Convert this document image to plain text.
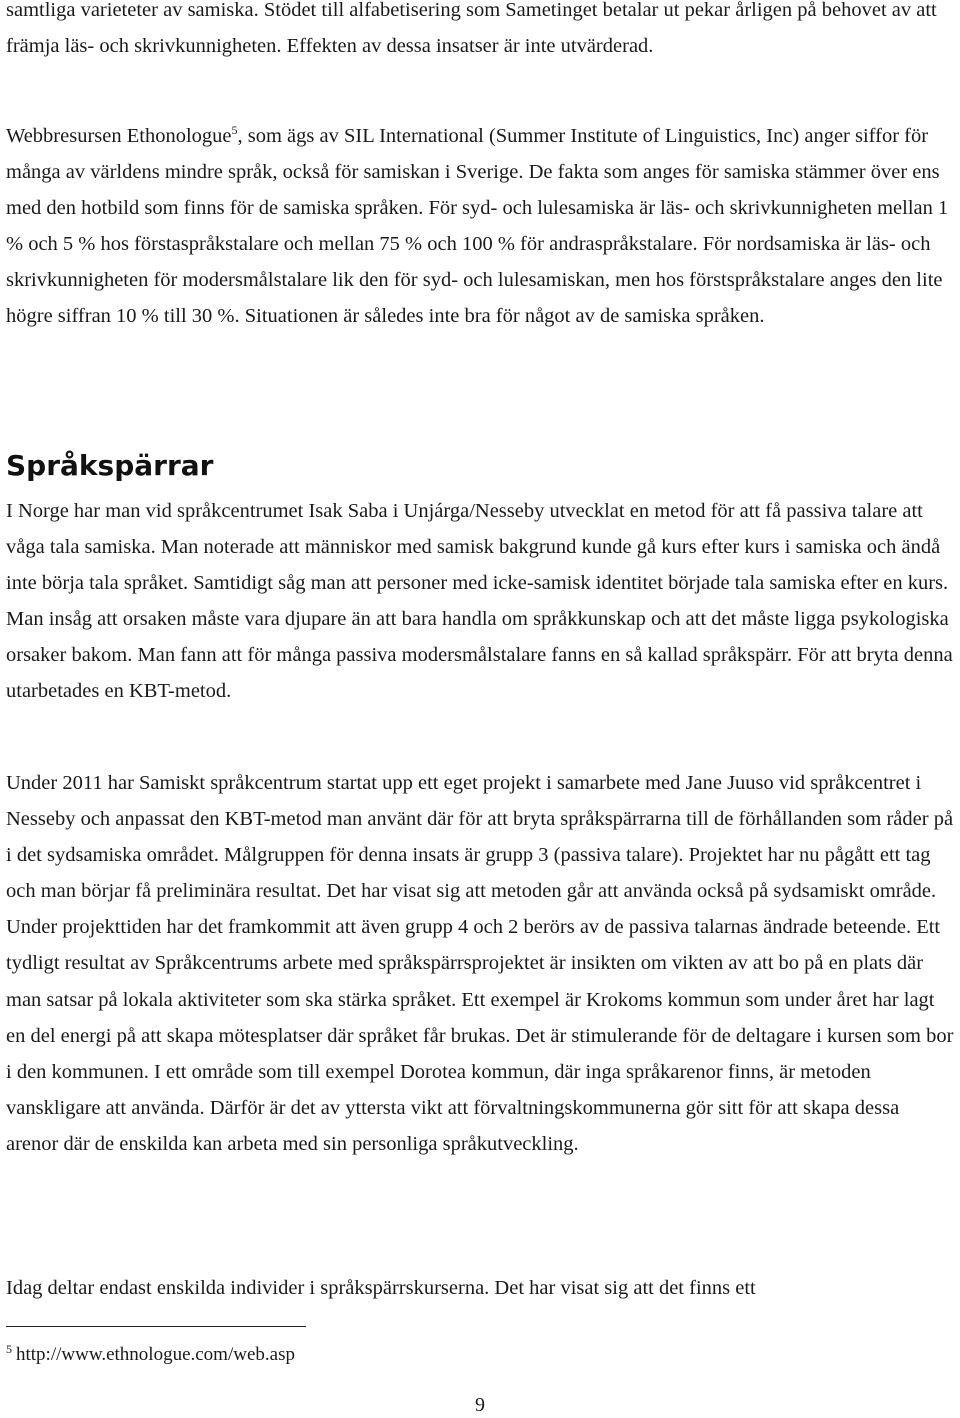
samtliga varieteter av samiska. Stödet till alfabetisering som Sametinget betalar ut pekar årligen på behovet av att främja läs- och skrivkunnigheten. Effekten av dessa insatser är inte utvärderad.

Webbresursen Ethonologue$^5$, som ägs av SIL International (Summer Institute of Linguistics, Inc) anger siffor för många av världens mindre språk, också för samiskan i Sverige. De fakta som anges för samiska stämmer över ens med den hotbild som finns för de samiska språken. För syd- och lulesamiska är läs- och skrivkunnigheten mellan 1 % och 5 % hos förstaspråkstalare och mellan 75 % och 100 % för andraspråkstalare. För nordsamiska är läs- och skrivkunnigheten för modersmålstalare lik den för syd- och lulesamiskan, men hos förstspråkstalare anges den lite högre siffran 10 % till 30 %. Situationen är således inte bra för något av de samiska språken.

Språkspärrar

I Norge har man vid språkcentrumet Isak Saba i Unjárga/Nesseby utvecklat en metod för att få passiva talare att våga tala samiska. Man noterade att människor med samisk bakgrund kunde gå kurs efter kurs i samiska och ändå inte börja tala språket. Samtidigt såg man att personer med icke-samisk identitet började tala samiska efter en kurs. Man insåg att orsaken måste vara djupare än att bara handla om språkkunskap och att det måste ligga psykologiska orsaker bakom. Man fann att för många passiva modersmålstalare fanns en så kallad språkspärr. För att bryta denna utarbetades en KBT-metod.

Under 2011 har Samiskt språkcentrum startat upp ett eget projekt i samarbete med Jane Juuso vid språkcentret i Nesseby och anpassat den KBT-metod man använt där för att bryta språkspärrarna till de förhållanden som råder på i det sydsamiska området. Målgruppen för denna insats är grupp 3 (passiva talare). Projektet har nu pågått ett tag och man börjar få preliminära resultat. Det har visat sig att metoden går att använda också på sydsamiskt område. Under projekttiden har det framkommit att även grupp 4 och 2 berörs av de passiva talarnas ändrade beteende. Ett tydligt resultat av Språkcentrums arbete med språkspärrsprojektet är insikten om vikten av att bo på en plats där man satsar på lokala aktiviteter som ska stärka språket. Ett exempel är Krokoms kommun som under året har lagt en del energi på att skapa mötesplatser där språket får brukas. Det är stimulerande för de deltagare i kursen som bor i den kommunen. I ett område som till exempel Dorotea kommun, där inga språkarenor finns, är metoden vanskligare att använda. Därför är det av yttersta vikt att förvaltningskommunerna gör sitt för att skapa dessa arenor där de enskilda kan arbeta med sin personliga språkutveckling.

Idag deltar endast enskilda individer i språkspärrskurserna. Det har visat sig att det finns ett

$^5$ http://www.ethnologue.com/web.asp

9
